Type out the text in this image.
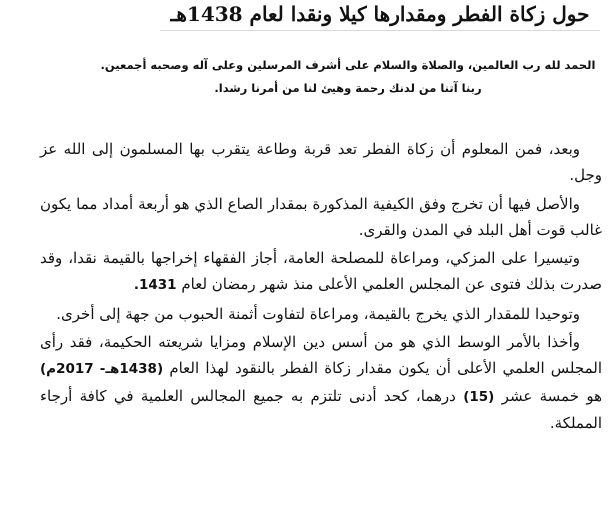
حول زكاة الفطر ومقدارها كيلا ونقدا لعام 1438هـ
الحمد لله رب العالمين، والصلاة والسلام على أشرف المرسلين وعلى آله وصحبه أجمعين.
ربنا آتنا من لدنك رحمة وهيئ لنا من أمرنا رشدا.

وبعد، فمن المعلوم أن زكاة الفطر تعد قربة وطاعة يتقرب بها المسلمون إلى الله عز وجل.

والأصل فيها أن تخرج وفق الكيفية المذكورة بمقدار الصاع الذي هو أربعة أمداد مما يكون غالب قوت أهل البلد في المدن والقرى.

وتيسيرا على المزكي، ومراعاة للمصلحة العامة، أجاز الفقهاء إخراجها بالقيمة نقدا، وقد صدرت بذلك فتوى عن المجلس العلمي الأعلى منذ شهر رمضان لعام 1431.

وتوحيدا للمقدار الذي يخرج بالقيمة، ومراعاة لتفاوت أثمنة الحبوب من جهة إلى أخرى.

وأخذا بالأمر الوسط الذي هو من أسس دين الإسلام ومزايا شريعته الحكيمة، فقد رأى المجلس العلمي الأعلى أن يكون مقدار زكاة الفطر بالنقود لهذا العام (1438هـ- 2017م) هو خمسة عشر (15) درهما، كحد أدنى تلتزم به جميع المجالس العلمية في كافة أرجاء المملكة.
